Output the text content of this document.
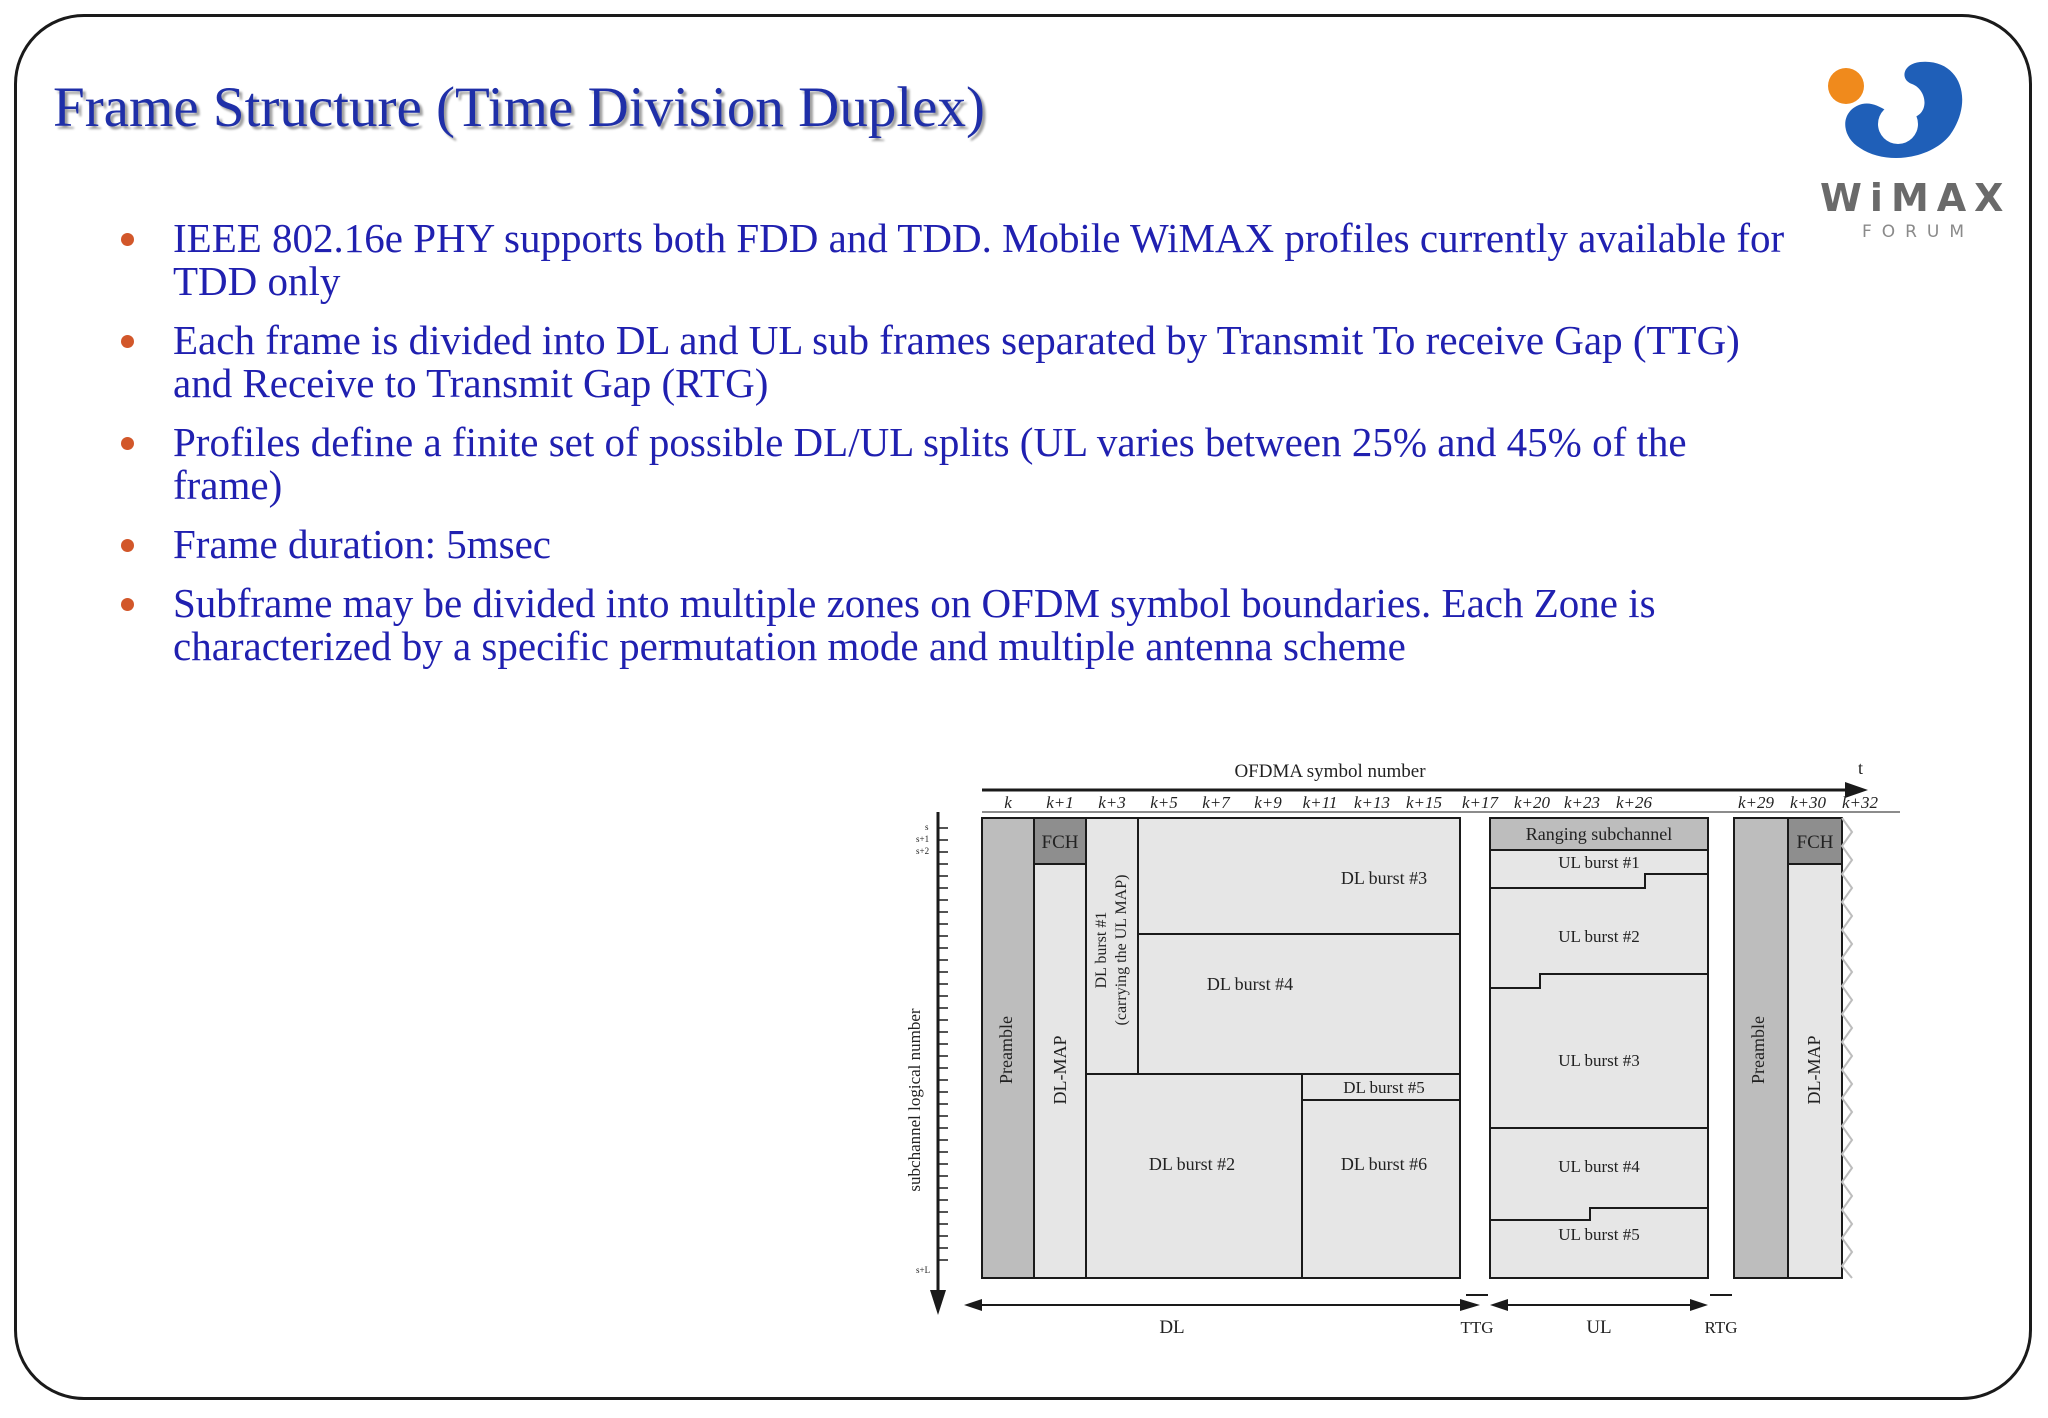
Frame Structure (Time Division Duplex)
IEEE 802.16e PHY supports both FDD and TDD. Mobile WiMAX profiles currently available for TDD only
Each frame is divided into DL and UL sub frames separated by Transmit To receive Gap (TTG) and Receive to Transmit Gap (RTG)
Profiles define a finite set of possible DL/UL splits (UL varies between 25% and 45% of the frame)
Frame duration: 5msec
Subframe may be divided into multiple zones on OFDM symbol boundaries. Each Zone is characterized by a specific permutation mode and multiple antenna scheme
WiMAX
FORUM
OFDMA symbol number	t
subchannel logical number
s
s+1
s+2
s+L
k k+1 k+3 k+5 k+7 k+9 k+11 k+13 k+15 k+17 k+20 k+23 k+26	k+29 k+30 k+32
Preamble
FCH
DL-MAP
DL burst #1 (carrying the UL MAP)	DL burst #3
DL burst #4
DL burst #2
DL burst #5
DL burst #6
Ranging subchannel
UL burst #1
UL burst #2
UL burst #3
UL burst #4
UL burst #5
Preamble
FCH
DL-MAP
DL	TTG	UL	RTG
